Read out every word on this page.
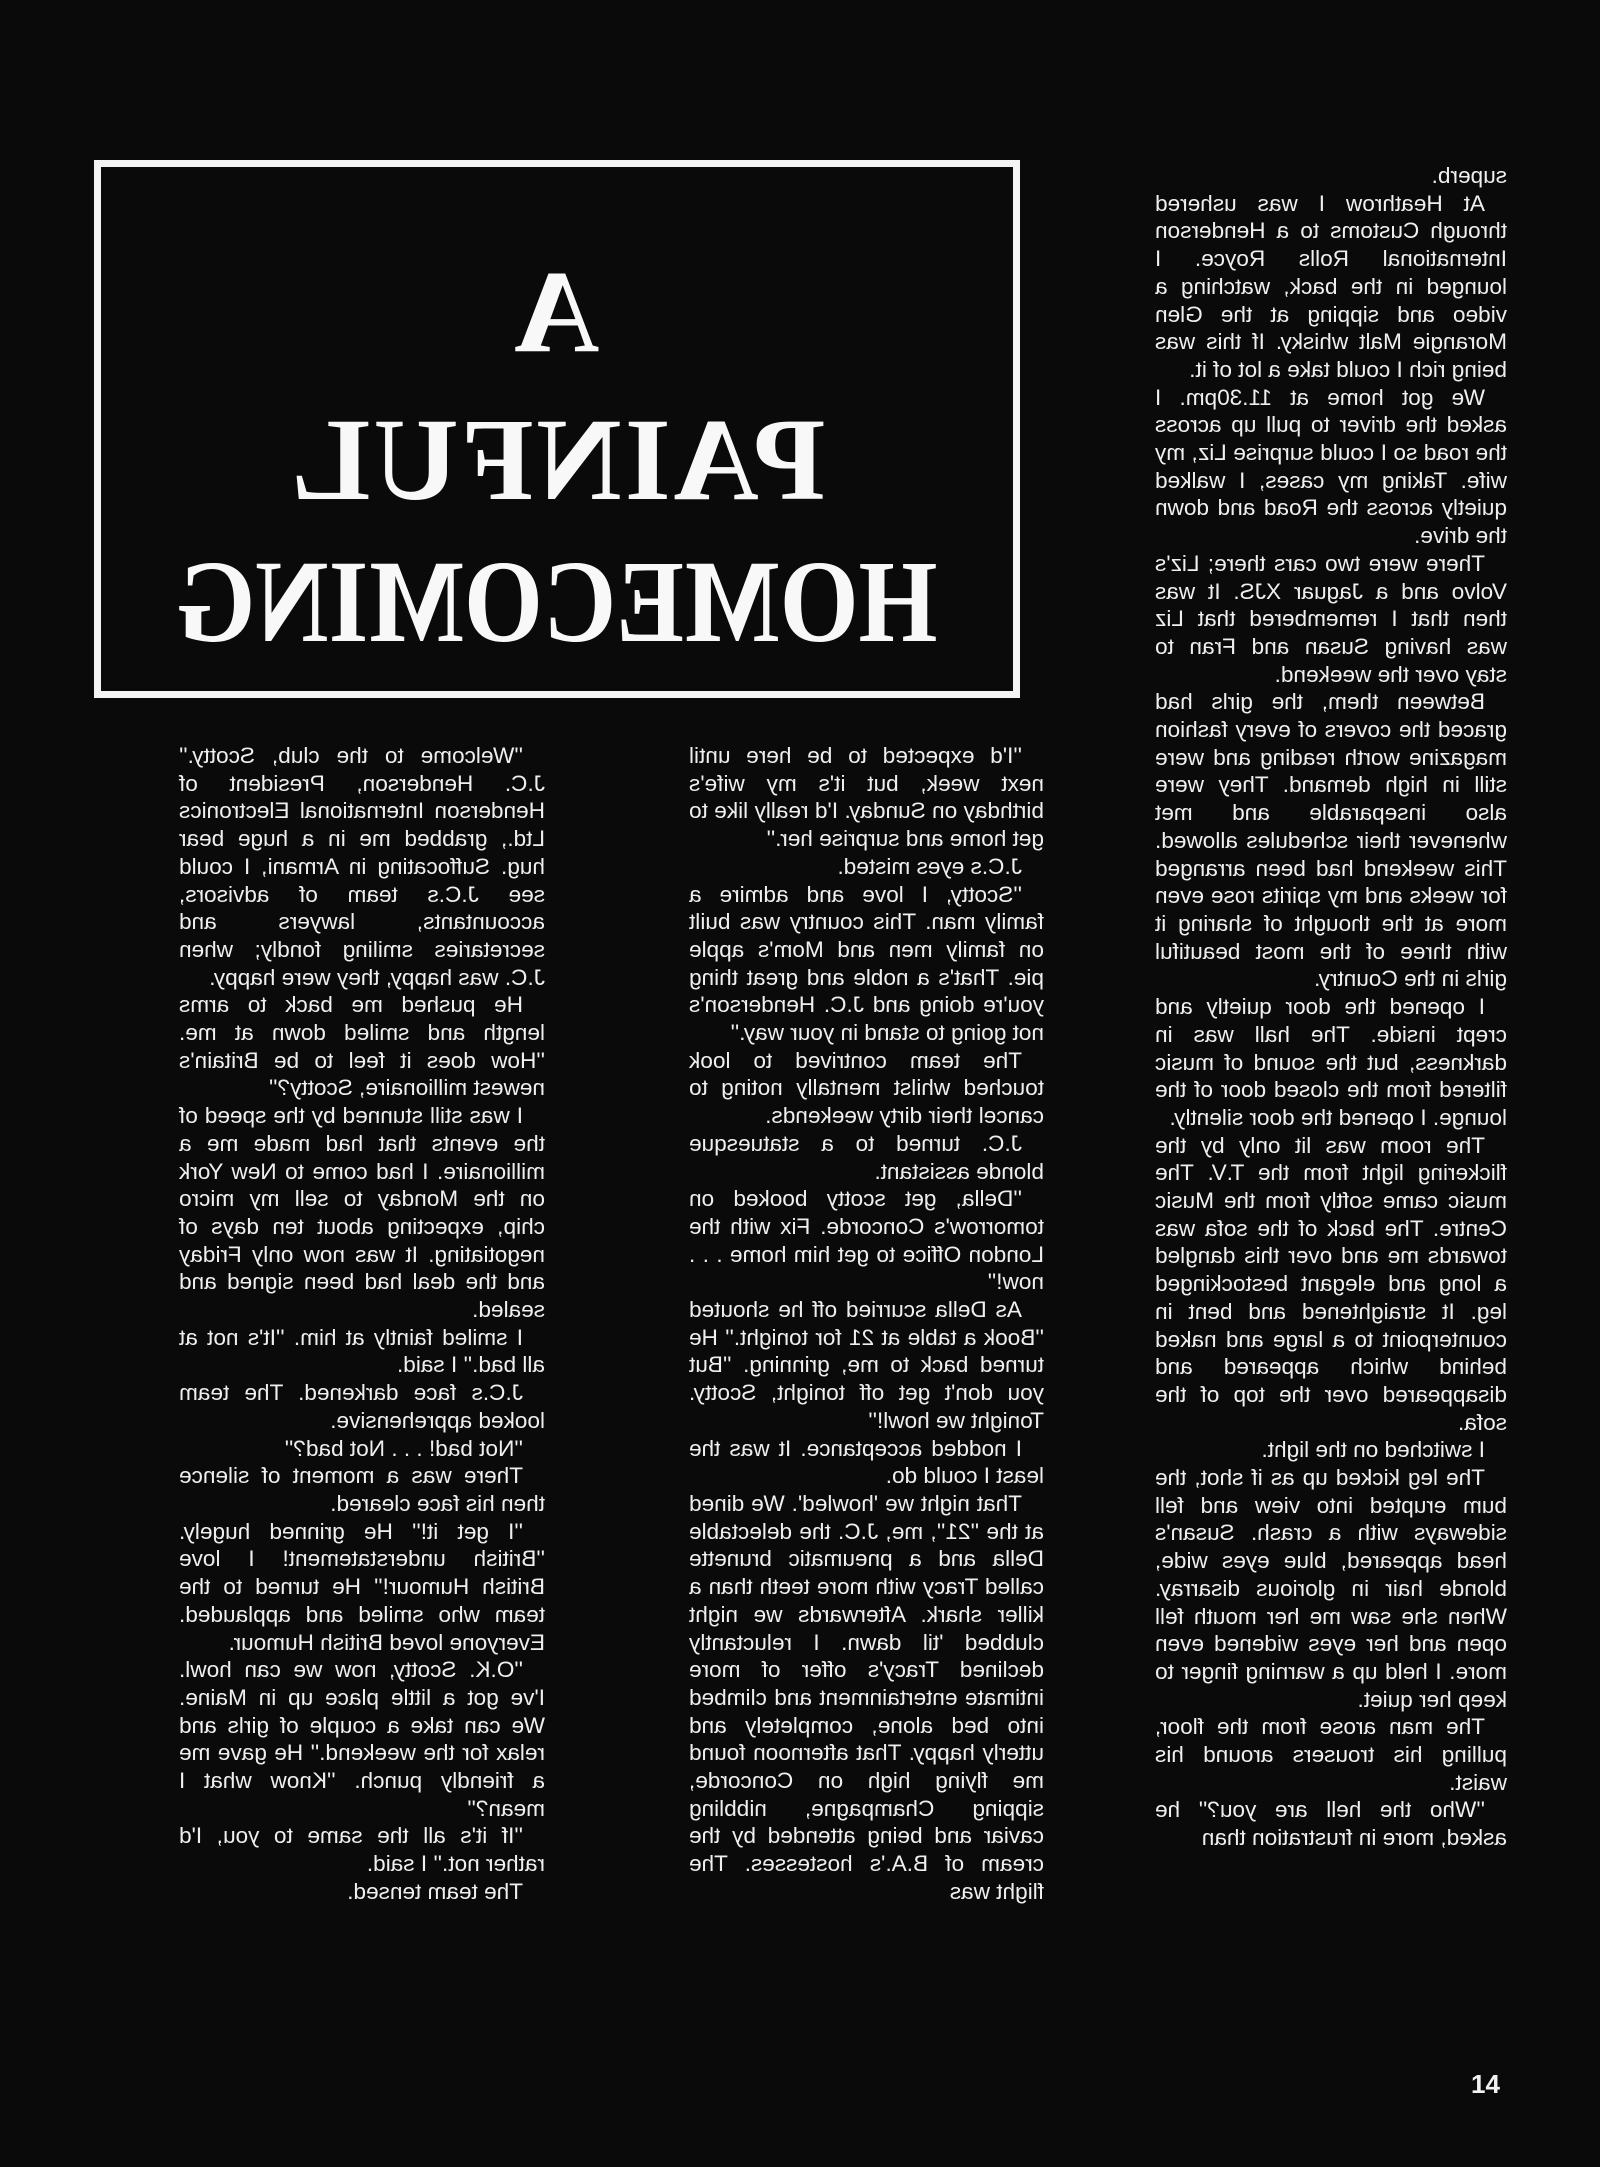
A
PAINFUL
HOMECOMING

''Welcome to the club, Scotty.'' J.C. Henderson, President of Henderson International Electronics Ltd., grabbed me in a huge bear hug. Suffocating in Armani, I could see J.C.s team of advisors, accountants, lawyers and secretaries smiling fondly; when J.C. was happy, they were happy.

He pushed me back to arms length and smiled down at me. ''How does it feel to be Britain's newest millionaire, Scotty?''

I was still stunned by the speed of the events that had made me a millionaire. I had come to New York on the Monday to sell my micro chip, expecting about ten days of negotiating. It was now only Friday and the deal had been signed and sealed.

I smiled faintly at him. ''It's not at all bad.'' I said.

J.C.s face darkened. The team looked apprehensive.

''Not bad! . . . Not bad?''

There was a moment of silence then his face cleared.

''I get it!'' He grinned hugely. ''British understatement! I love British Humour!'' He turned to the team who smiled and applauded. Everyone loved British Humour.

''O.K. Scotty, now we can howl. I've got a little place up in Maine. We can take a couple of girls and relax for the weekend.'' He gave me a friendly punch. ''Know what I mean?''

''If it's all the same to you, I'd rather not.'' I said.

The team tensed.

''I'd expected to be here until next week, but it's my wife's birthday on Sunday. I'd really like to get home and surprise her.''

J.C.s eyes misted.

''Scotty, I love and admire a family man. This country was built on family men and Mom's apple pie. That's a noble and great thing you're doing and J.C. Henderson's not going to stand in your way.''

The team contrived to look touched whilst mentally noting to cancel their dirty weekends.

J.C. turned to a statuesque blonde assistant.

''Della, get scotty booked on tomorrow's Concorde. Fix with the London Office to get him home . . . now!''

As Della scurried off he shouted ''Book a table at 21 for tonight.'' He turned back to me, grinning. ''But you don't get off tonight, Scotty. Tonight we howl!''

I nodded acceptance. It was the least I could do.

That night we 'howled'. We dined at the ''21'', me, J.C. the delectable Della and a pneumatic brunette called Tracy with more teeth than a killer shark. Afterwards we night clubbed 'til dawn. I reluctantly declined Tracy's offer of more intimate entertainment and climbed into bed alone, completely and utterly happy. That afternoon found me flying high on Concorde, sipping Champagne, nibbling caviar and being attended by the cream of B.A.'s hostesses. The flight was

superb.

At Heathrow I was ushered through Customs to a Henderson International Rolls Royce. I lounged in the back, watching a video and sipping at the Glen Morangie Malt whisky. If this was being rich I could take a lot of it.

We got home at 11.30pm. I asked the driver to pull up across the road so I could surprise Liz, my wife. Taking my cases, I walked quietly across the Road and down the drive.

There were two cars there; Liz's Volvo and a Jaguar XJS. It was then that I remembered that Liz was having Susan and Fran to stay over the weekend.

Between them, the girls had graced the covers of every fashion magazine worth reading and were still in high demand. They were also inseparable and met whenever their schedules allowed. This weekend had been arranged for weeks and my spirits rose even more at the thought of sharing it with three of the most beautiful girls in the Country.

I opened the door quietly and crept inside. The hall was in darkness, but the sound of music filtered from the closed door of the lounge. I opened the door silently.

The room was lit only by the flickering light from the T.V. The music came softly from the Music Centre. The back of the sofa was towards me and over this dangled a long and elegant bestockinged leg. It straightened and bent in counterpoint to a large and naked behind which appeared and disappeared over the top of the sofa.

I switched on the light.

The leg kicked up as if shot, the bum erupted into view and fell sideways with a crash. Susan's head appeared, blue eyes wide, blonde hair in glorious disarray. When she saw me her mouth fell open and her eyes widened even more. I held up a warning finger to keep her quiet.

The man arose from the floor, pulling his trousers around his waist.

''Who the hell are you?'' he asked, more in frustration than

14
